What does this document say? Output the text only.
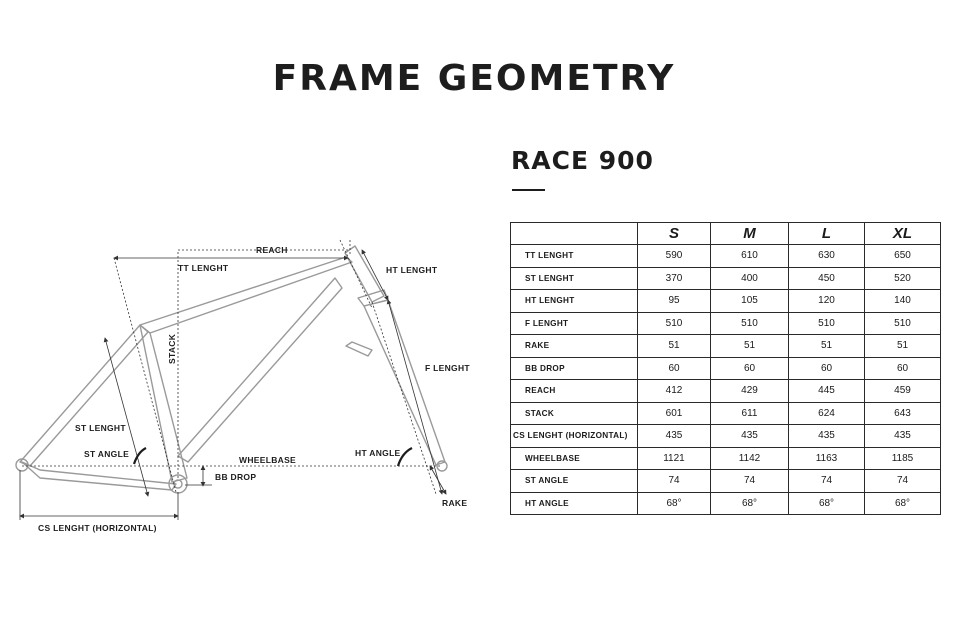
FRAME GEOMETRY
RACE 900
REACH
TT LENGHT	HT LENGHT
STACK
F LENGHT
ST LENGHT
ST ANGLE
WHEELBASE
HT ANGLE
BB DROP
RAKE
CS LENGHT (HORIZONTAL)
	S	M	L	XL
TT LENGHT	590	610	630	650
ST LENGHT	370	400	450	520
HT LENGHT	95	105	120	140
F LENGHT	510	510	510	510
RAKE	51	51	51	51
BB DROP	60	60	60	60
REACH	412	429	445	459
STACK	601	611	624	643
CS LENGHT (HORIZONTAL)	435	435	435	435
WHEELBASE	1121	1142	1163	1185
ST ANGLE	74	74	74	74
HT ANGLE	68°	68°	68°	68°
